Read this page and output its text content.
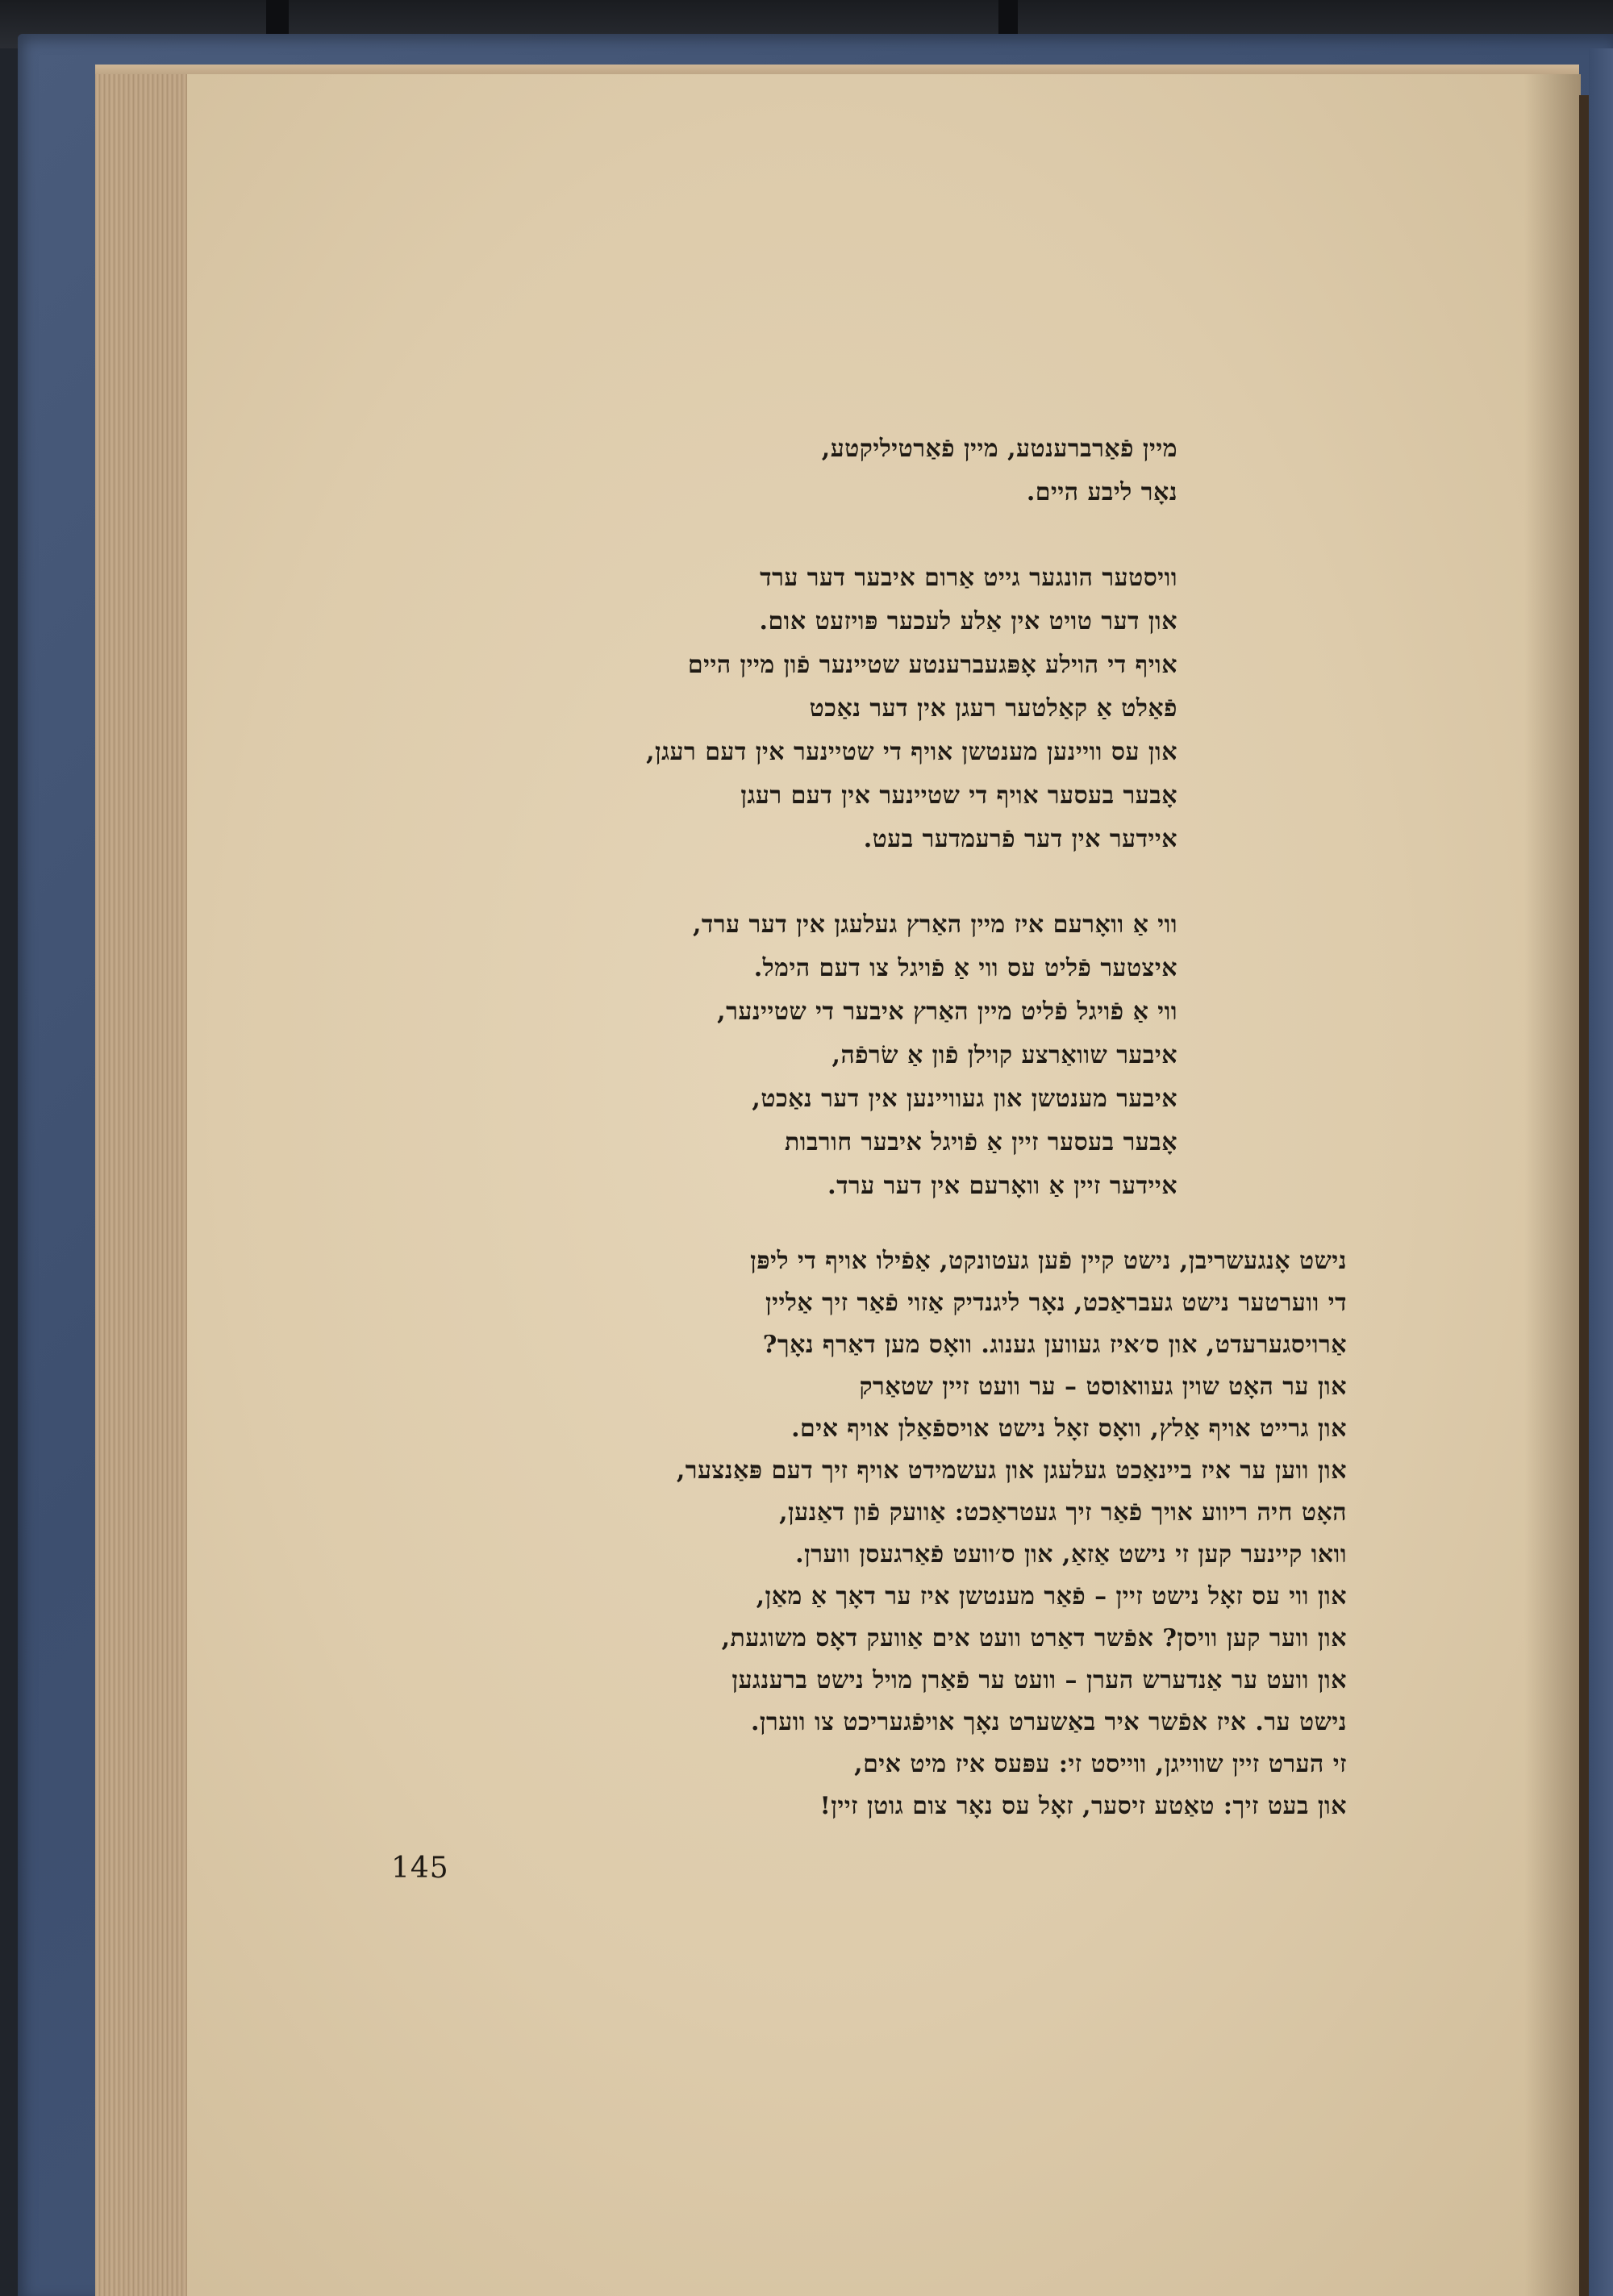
מיין פֿאַרברענטע, מיין פֿאַרטיליקטע,
נאָר ליבע היים.
וויסטער הונגער גייט אַרום איבער דער ערד
און דער טויט אין אַלע לעכער פּויזעט אום.
אויף די הוילע אָפּגעברענטע שטיינער פֿון מיין היים
פֿאַלט אַ קאַלטער רעגן אין דער נאַכט
און עס וויינען מענטשן אויף די שטיינער אין דעם רעגן,
אָבער בעסער אויף די שטיינער אין דעם רעגן
איידער אין דער פֿרעמדער בעט.
ווי אַ וואָרעם איז מיין האַרץ געלעגן אין דער ערד,
איצטער פֿליט עס ווי אַ פֿויגל צו דעם הימל.
ווי אַ פֿויגל פֿליט מיין האַרץ איבער די שטיינער,
איבער שוואַרצע קוילן פֿון אַ שׂרפֿה,
איבער מענטשן און געוויינען אין דער נאַכט,
אָבער בעסער זיין אַ פֿויגל איבער חורבות
איידער זיין אַ וואָרעם אין דער ערד.
נישט אָנגעשריבן, נישט קיין פֿען געטונקט, אַפֿילו אויף די ליפּן
די ווערטער נישט געבראַכט, נאָר ליגנדיק אַזוי פֿאַר זיך אַליין
אַרויסגערעדט, און ס׳איז געווען גענוג. וואָס מען דאַרף נאָך?
און ער האָט שוין געוואוסט – ער וועט זיין שטאַרק
און גרייט אויף אַלץ, וואָס זאָל נישט אויספֿאַלן אויף אים.
און ווען ער איז ביינאַכט געלעגן און געשמידט אויף זיך דעם פּאַנצער,
האָט חיה ריווע אויך פֿאַר זיך געטראַכט: אַוועק פֿון דאַנען,
וואו קיינער קען זי נישט אַזאַ, און ס׳וועט פֿאַרגעסן ווערן.
און ווי עס זאָל נישט זיין – פֿאַר מענטשן איז ער דאָך אַ מאַן,
און ווער קען וויסן? אפֿשר דאַרט וועט אים אַוועק דאָס משוגעת,
און וועט ער אַנדערש הערן – וועט ער פֿאַרן מויל נישט ברענגען
נישט ער. איז אפֿשר איר באַשערט נאָך אויפֿגעריכט צו ווערן.
זי הערט זיין שווייגן, ווייסט זי: עפּעס איז מיט אים,
און בעט זיך: טאַטע זיסער, זאָל עס נאָר צום גוטן זיין!
145
